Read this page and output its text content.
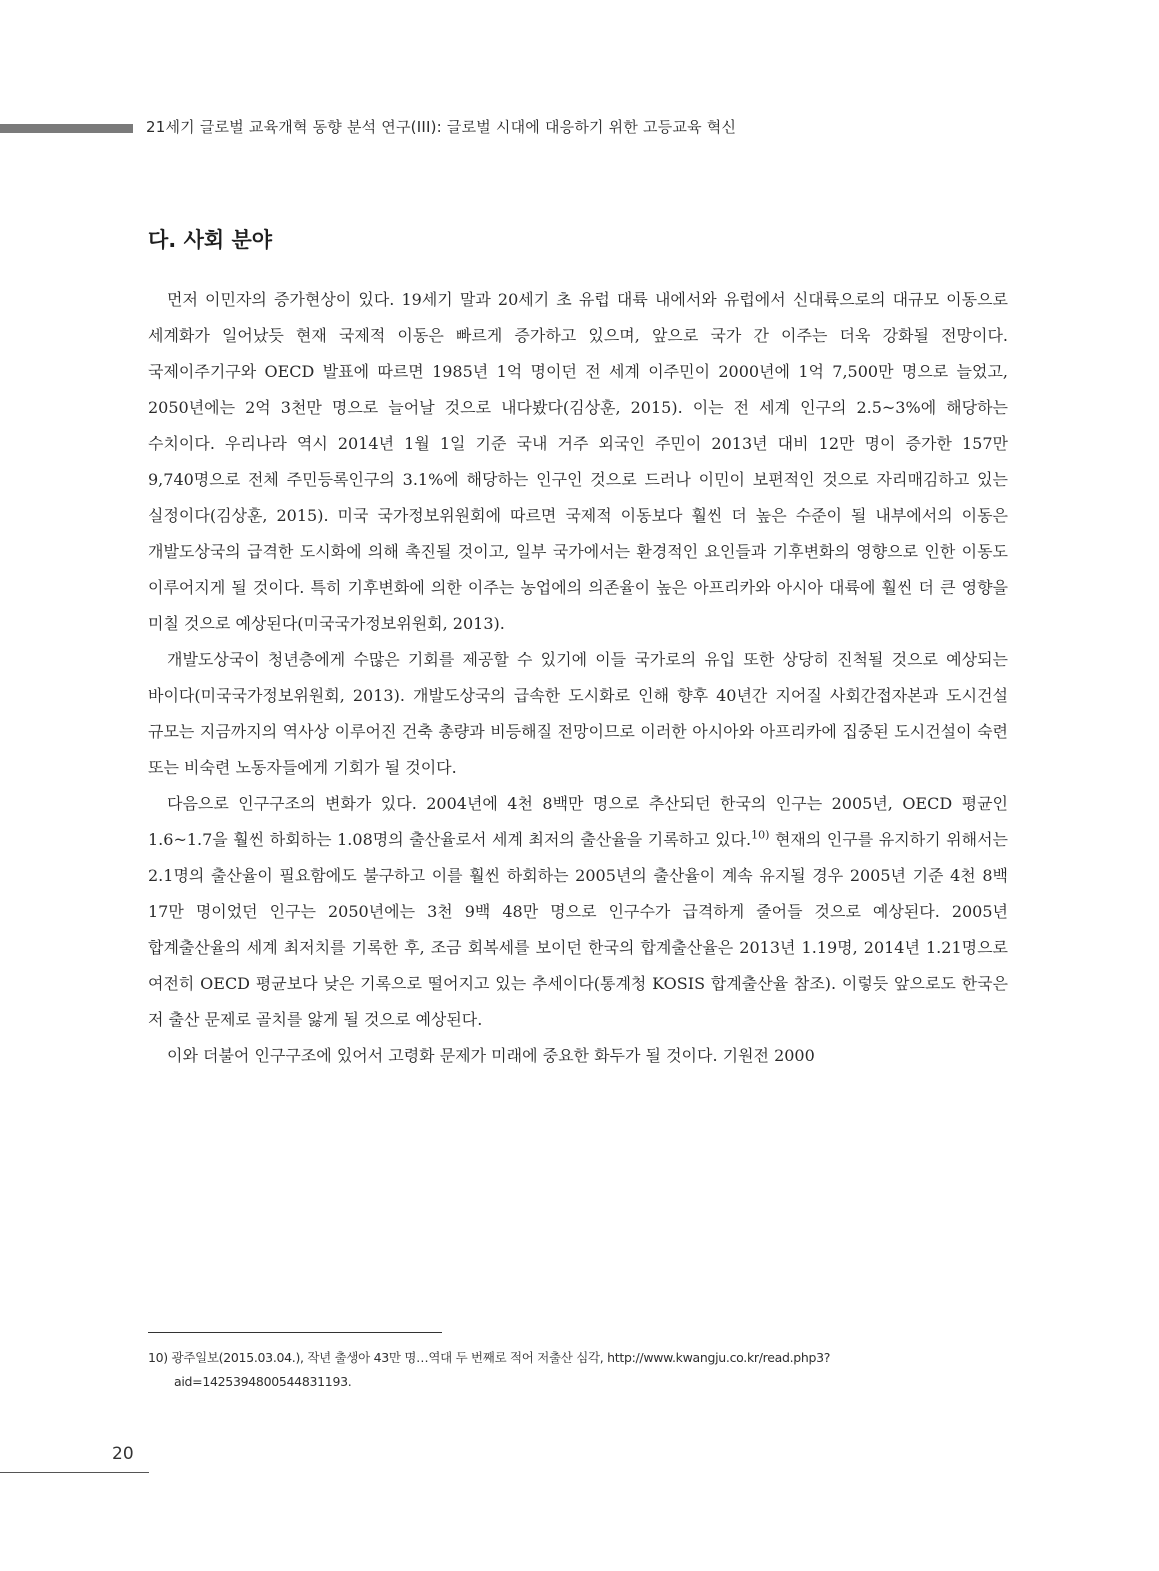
21세기 글로벌 교육개혁 동향 분석 연구(III): 글로벌 시대에 대응하기 위한 고등교육 혁신
다. 사회 분야

먼저 이민자의 증가현상이 있다. 19세기 말과 20세기 초 유럽 대륙 내에서와 유럽에서 신대륙으로의 대규모 이동으로 세계화가 일어났듯 현재 국제적 이동은 빠르게 증가하고 있으며, 앞으로 국가 간 이주는 더욱 강화될 전망이다. 국제이주기구와 OECD 발표에 따르면 1985년 1억 명이던 전 세계 이주민이 2000년에 1억 7,500만 명으로 늘었고, 2050년에는 2억 3천만 명으로 늘어날 것으로 내다봤다(김상훈, 2015). 이는 전 세계 인구의 2.5~3%에 해당하는 수치이다. 우리나라 역시 2014년 1월 1일 기준 국내 거주 외국인 주민이 2013년 대비 12만 명이 증가한 157만 9,740명으로 전체 주민등록인구의 3.1%에 해당하는 인구인 것으로 드러나 이민이 보편적인 것으로 자리매김하고 있는 실정이다(김상훈, 2015). 미국 국가정보위원회에 따르면 국제적 이동보다 훨씬 더 높은 수준이 될 내부에서의 이동은 개발도상국의 급격한 도시화에 의해 촉진될 것이고, 일부 국가에서는 환경적인 요인들과 기후변화의 영향으로 인한 이동도 이루어지게 될 것이다. 특히 기후변화에 의한 이주는 농업에의 의존율이 높은 아프리카와 아시아 대륙에 훨씬 더 큰 영향을 미칠 것으로 예상된다(미국국가정보위원회, 2013).

개발도상국이 청년층에게 수많은 기회를 제공할 수 있기에 이들 국가로의 유입 또한 상당히 진척될 것으로 예상되는 바이다(미국국가정보위원회, 2013). 개발도상국의 급속한 도시화로 인해 향후 40년간 지어질 사회간접자본과 도시건설 규모는 지금까지의 역사상 이루어진 건축 총량과 비등해질 전망이므로 이러한 아시아와 아프리카에 집중된 도시건설이 숙련 또는 비숙련 노동자들에게 기회가 될 것이다.

다음으로 인구구조의 변화가 있다. 2004년에 4천 8백만 명으로 추산되던 한국의 인구는 2005년, OECD 평균인 1.6~1.7을 훨씬 하회하는 1.08명의 출산율로서 세계 최저의 출산율을 기록하고 있다.$^{10)}$ 현재의 인구를 유지하기 위해서는 2.1명의 출산율이 필요함에도 불구하고 이를 훨씬 하회하는 2005년의 출산율이 계속 유지될 경우 2005년 기준 4천 8백 17만 명이었던 인구는 2050년에는 3천 9백 48만 명으로 인구수가 급격하게 줄어들 것으로 예상된다. 2005년 합계출산율의 세계 최저치를 기록한 후, 조금 회복세를 보이던 한국의 합계출산율은 2013년 1.19명, 2014년 1.21명으로 여전히 OECD 평균보다 낮은 기록으로 떨어지고 있는 추세이다(통계청 KOSIS 합계출산율 참조). 이렇듯 앞으로도 한국은 저 출산 문제로 골치를 앓게 될 것으로 예상된다.

이와 더불어 인구구조에 있어서 고령화 문제가 미래에 중요한 화두가 될 것이다. 기원전 2000

10) 광주일보(2015.03.04.), 작년 출생아 43만 명…역대 두 번째로 적어 저출산 심각, http://www.kwangju.co.kr/read.php3?
aid=1425394800544831193.
20
